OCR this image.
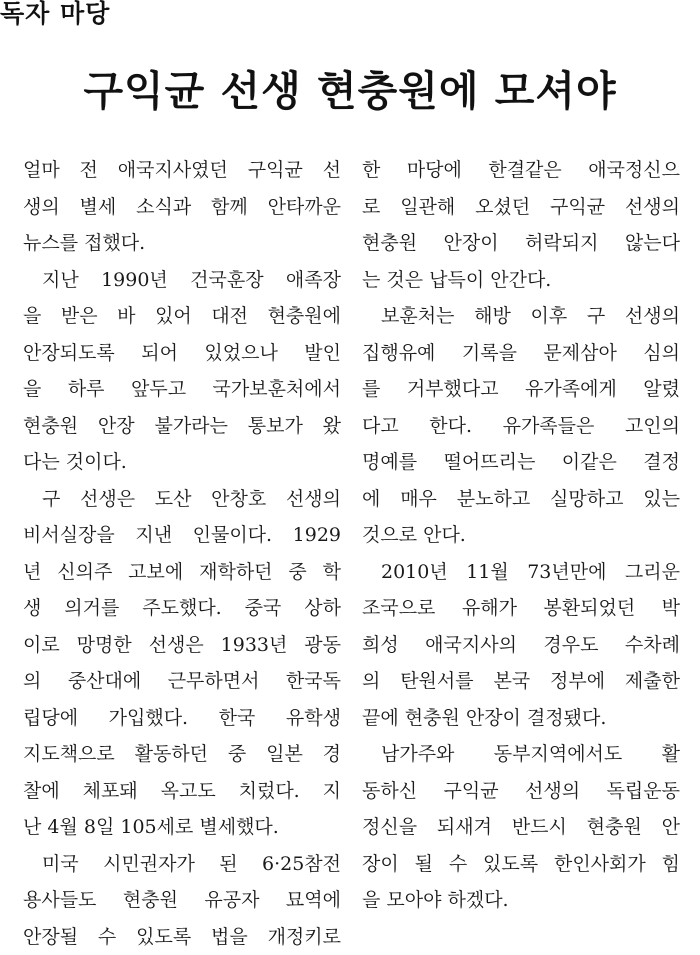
독자 마당
구익균 선생 현충원에 모셔야
얼마 전 애국지사였던 구익균 선
생의 별세 소식과 함께 안타까운
뉴스를 접했다.
지난 1990년 건국훈장 애족장
을 받은 바 있어 대전 현충원에
안장되도록 되어 있었으나 발인
을 하루 앞두고 국가보훈처에서
현충원 안장 불가라는 통보가 왔
다는 것이다.
구 선생은 도산 안창호 선생의
비서실장을 지낸 인물이다. 1929
년 신의주 고보에 재학하던 중 학
생 의거를 주도했다. 중국 상하
이로 망명한 선생은 1933년 광동
의 중산대에 근무하면서 한국독
립당에 가입했다. 한국 유학생
지도책으로 활동하던 중 일본 경
찰에 체포돼 옥고도 치렀다. 지
난 4월 8일 105세로 별세했다.
미국 시민권자가 된 6·25참전
용사들도 현충원 유공자 묘역에
안장될 수 있도록 법을 개정키로
한 마당에 한결같은 애국정신으
로 일관해 오셨던 구익균 선생의
현충원 안장이 허락되지 않는다
는 것은 납득이 안간다.
보훈처는 해방 이후 구 선생의
집행유예 기록을 문제삼아 심의
를 거부했다고 유가족에게 알렸
다고 한다. 유가족들은 고인의
명예를 떨어뜨리는 이같은 결정
에 매우 분노하고 실망하고 있는
것으로 안다.
2010년 11월 73년만에 그리운
조국으로 유해가 봉환되었던 박
희성 애국지사의 경우도 수차례
의 탄원서를 본국 정부에 제출한
끝에 현충원 안장이 결정됐다.
남가주와 동부지역에서도 활
동하신 구익균 선생의 독립운동
정신을 되새겨 반드시 현충원 안
장이 될 수 있도록 한인사회가 힘
을 모아야 하겠다.
